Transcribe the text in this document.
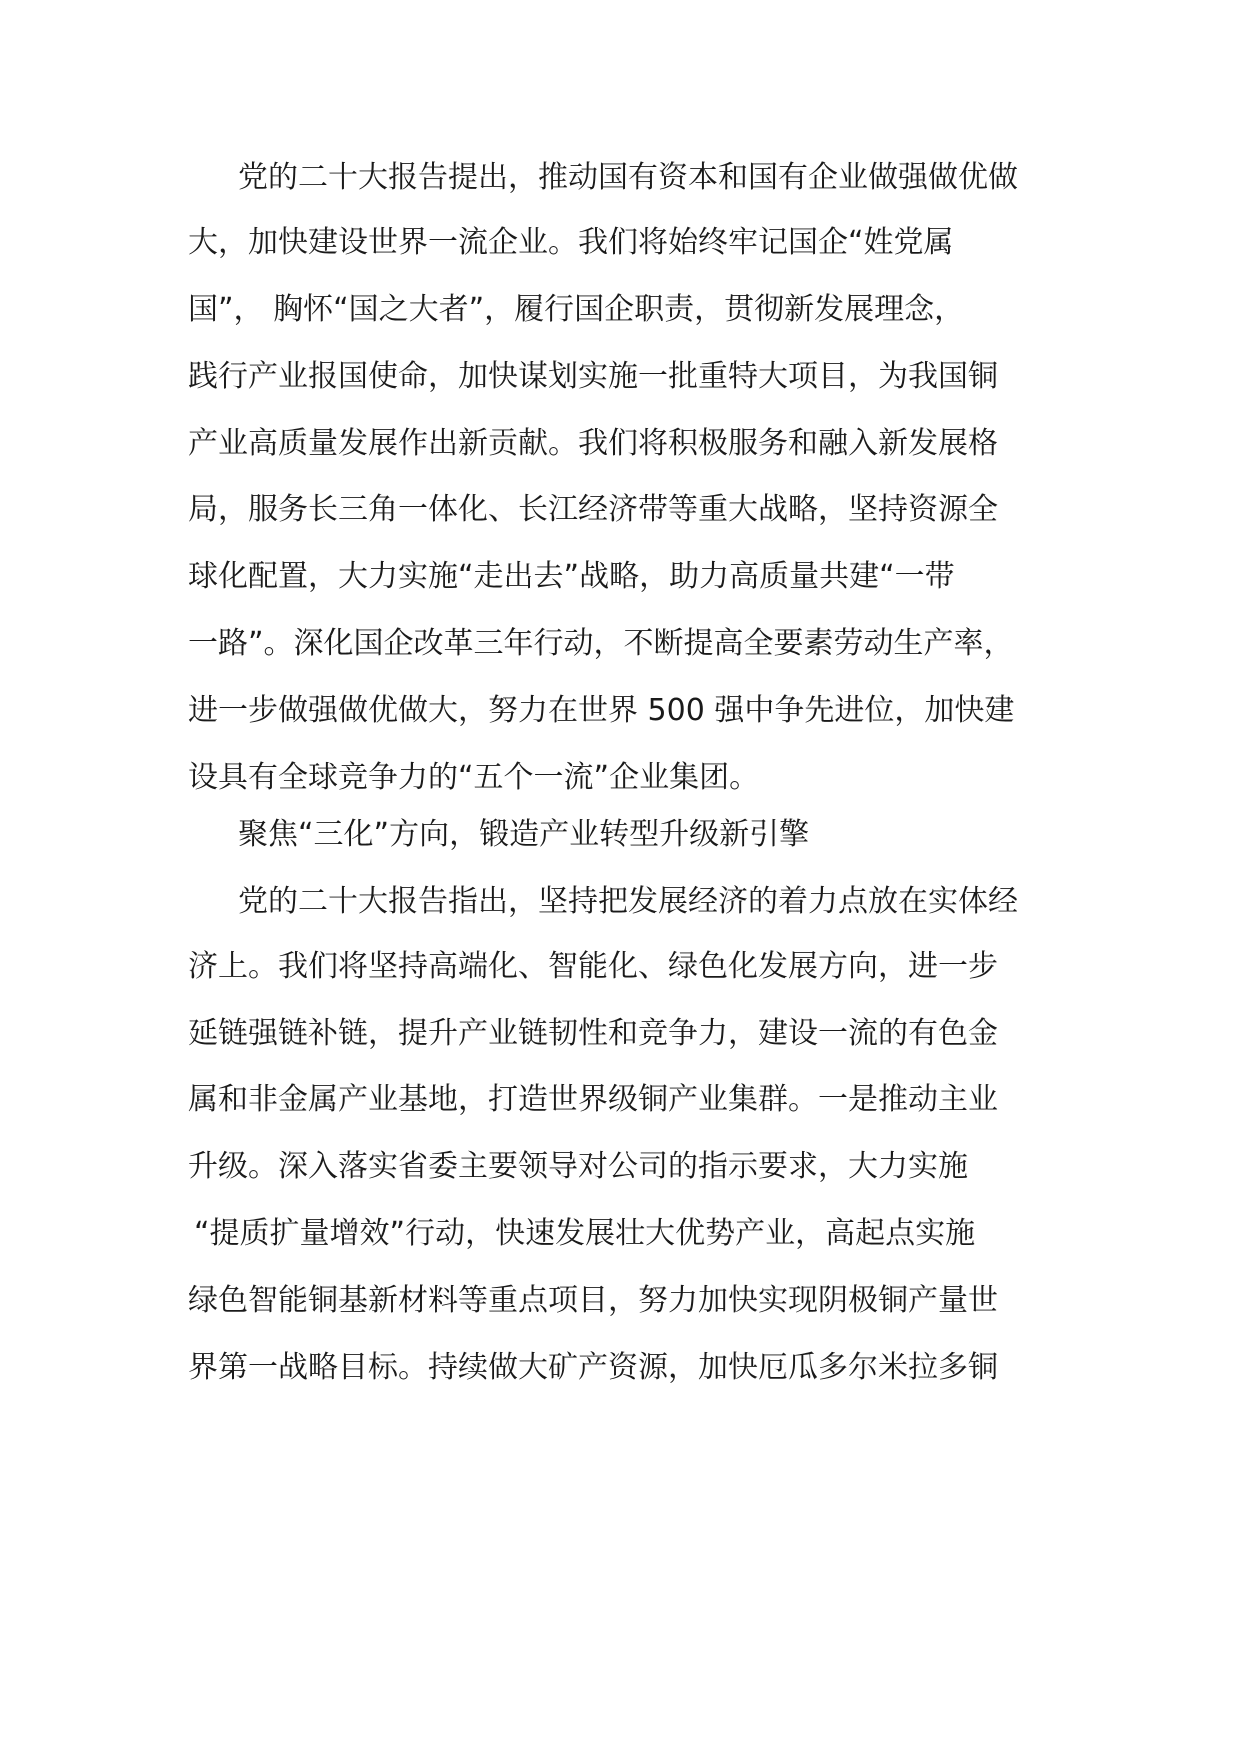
党的二十大报告提出，推动国有资本和国有企业做强做优做
大，加快建设世界一流企业。我们将始终牢记国企“姓党属
国”， 胸怀“国之大者”，履行国企职责，贯彻新发展理念，
践行产业报国使命，加快谋划实施一批重特大项目，为我国铜
产业高质量发展作出新贡献。我们将积极服务和融入新发展格
局，服务长三角一体化、长江经济带等重大战略，坚持资源全
球化配置，大力实施“走出去”战略，助力高质量共建“一带
一路”。深化国企改革三年行动，不断提高全要素劳动生产率，
进一步做强做优做大，努力在世界 500 强中争先进位，加快建
设具有全球竞争力的“五个一流”企业集团。
聚焦“三化”方向，锻造产业转型升级新引擎
党的二十大报告指出，坚持把发展经济的着力点放在实体经
济上。我们将坚持高端化、智能化、绿色化发展方向，进一步
延链强链补链，提升产业链韧性和竞争力，建设一流的有色金
属和非金属产业基地，打造世界级铜产业集群。一是推动主业
升级。深入落实省委主要领导对公司的指示要求，大力实施
“提质扩量增效”行动，快速发展壮大优势产业，高起点实施
绿色智能铜基新材料等重点项目，努力加快实现阴极铜产量世
界第一战略目标。持续做大矿产资源，加快厄瓜多尔米拉多铜
